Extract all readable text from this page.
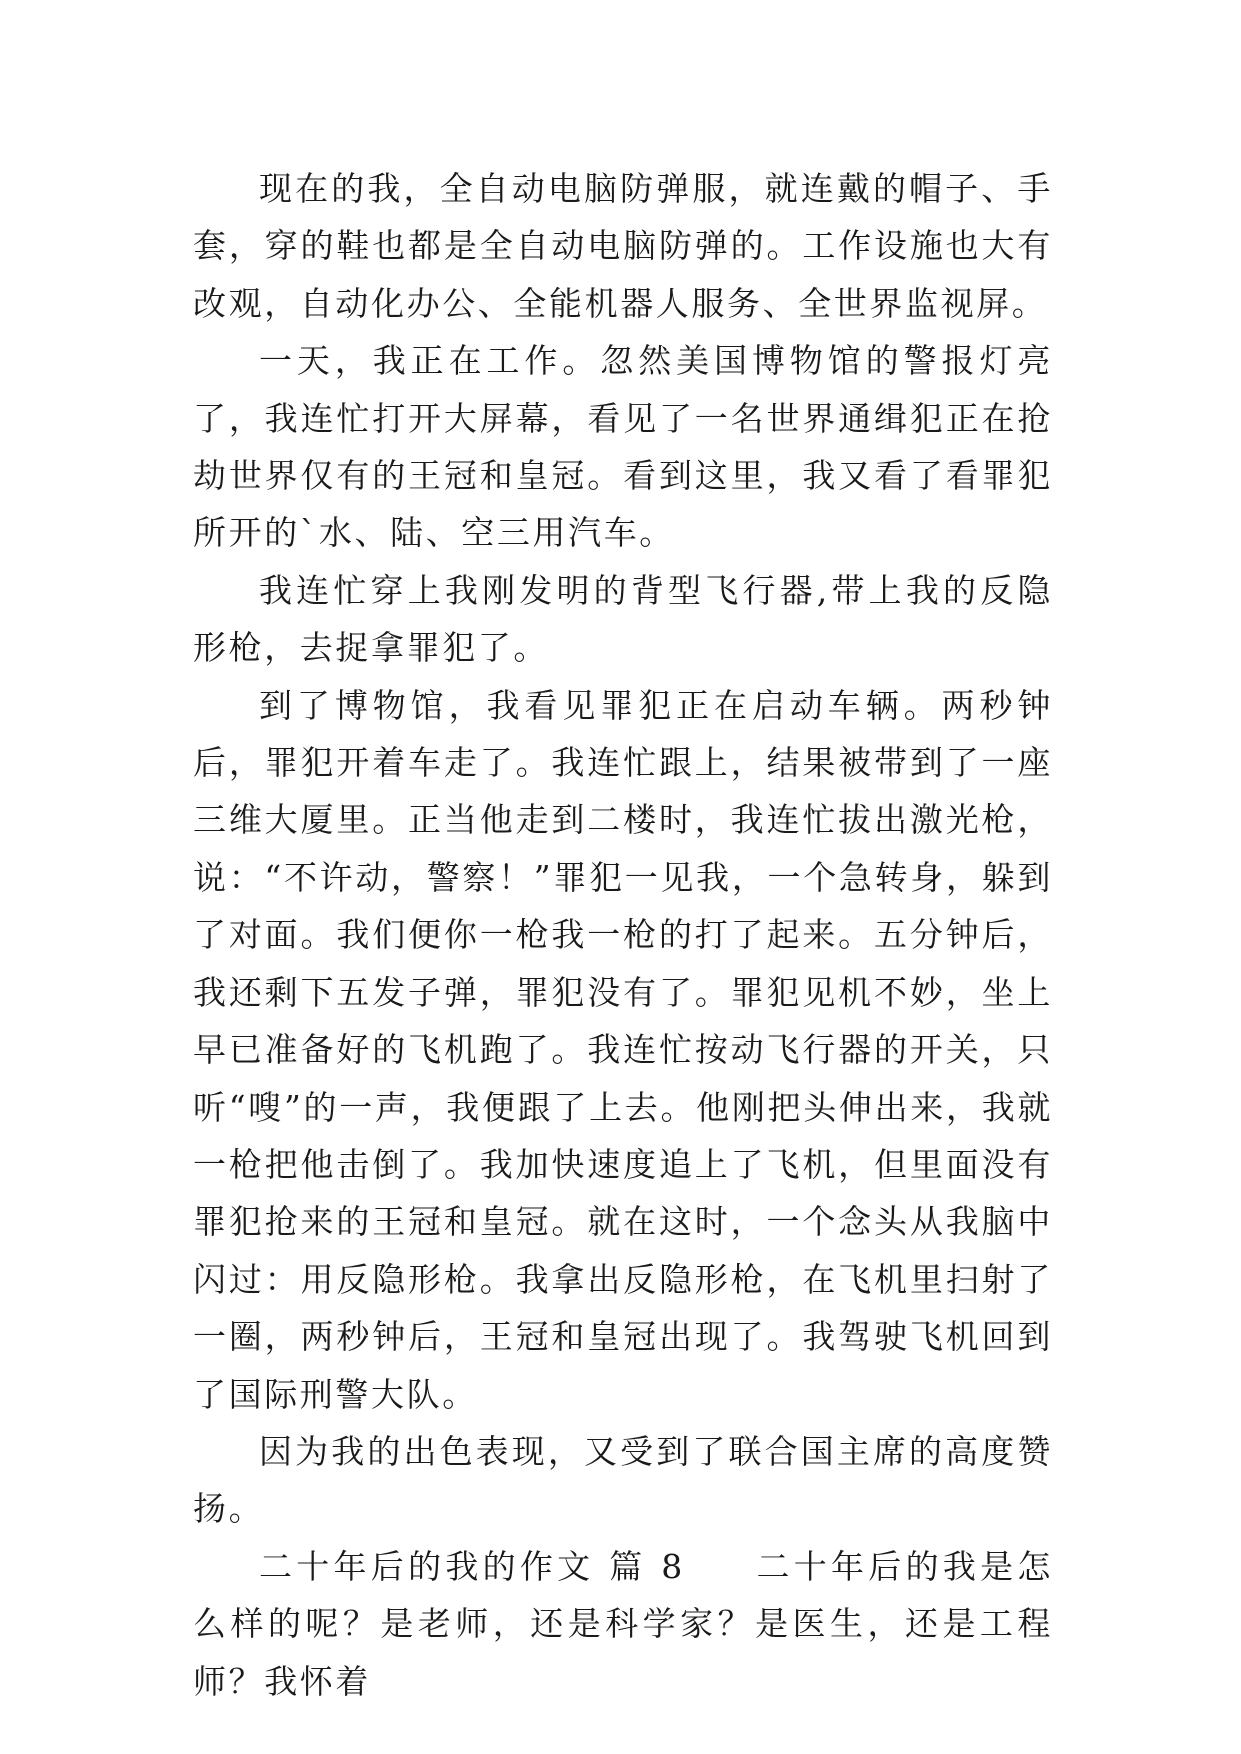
现在的我，全自动电脑防弹服，就连戴的帽子、手套，穿的鞋也都是全自动电脑防弹的。工作设施也大有改观，自动化办公、全能机器人服务、全世界监视屏。

一天，我正在工作。忽然美国博物馆的警报灯亮了，我连忙打开大屏幕，看见了一名世界通缉犯正在抢劫世界仅有的王冠和皇冠。看到这里，我又看了看罪犯所开的`水、陆、空三用汽车。

我连忙穿上我刚发明的背型飞行器,带上我的反隐形枪，去捉拿罪犯了。

到了博物馆，我看见罪犯正在启动车辆。两秒钟后，罪犯开着车走了。我连忙跟上，结果被带到了一座三维大厦里。正当他走到二楼时，我连忙拔出激光枪，说：“不许动，警察！”罪犯一见我，一个急转身，躲到了对面。我们便你一枪我一枪的打了起来。五分钟后，我还剩下五发子弹，罪犯没有了。罪犯见机不妙，坐上早已准备好的飞机跑了。我连忙按动飞行器的开关，只听“嗖”的一声，我便跟了上去。他刚把头伸出来，我就一枪把他击倒了。我加快速度追上了飞机，但里面没有罪犯抢来的王冠和皇冠。就在这时，一个念头从我脑中闪过：用反隐形枪。我拿出反隐形枪，在飞机里扫射了一圈，两秒钟后，王冠和皇冠出现了。我驾驶飞机回到了国际刑警大队。

因为我的出色表现，又受到了联合国主席的高度赞扬。

二十年后的我的作文 篇 8 二十年后的我是怎么样的呢？是老师，还是科学家？是医生，还是工程师？我怀着
